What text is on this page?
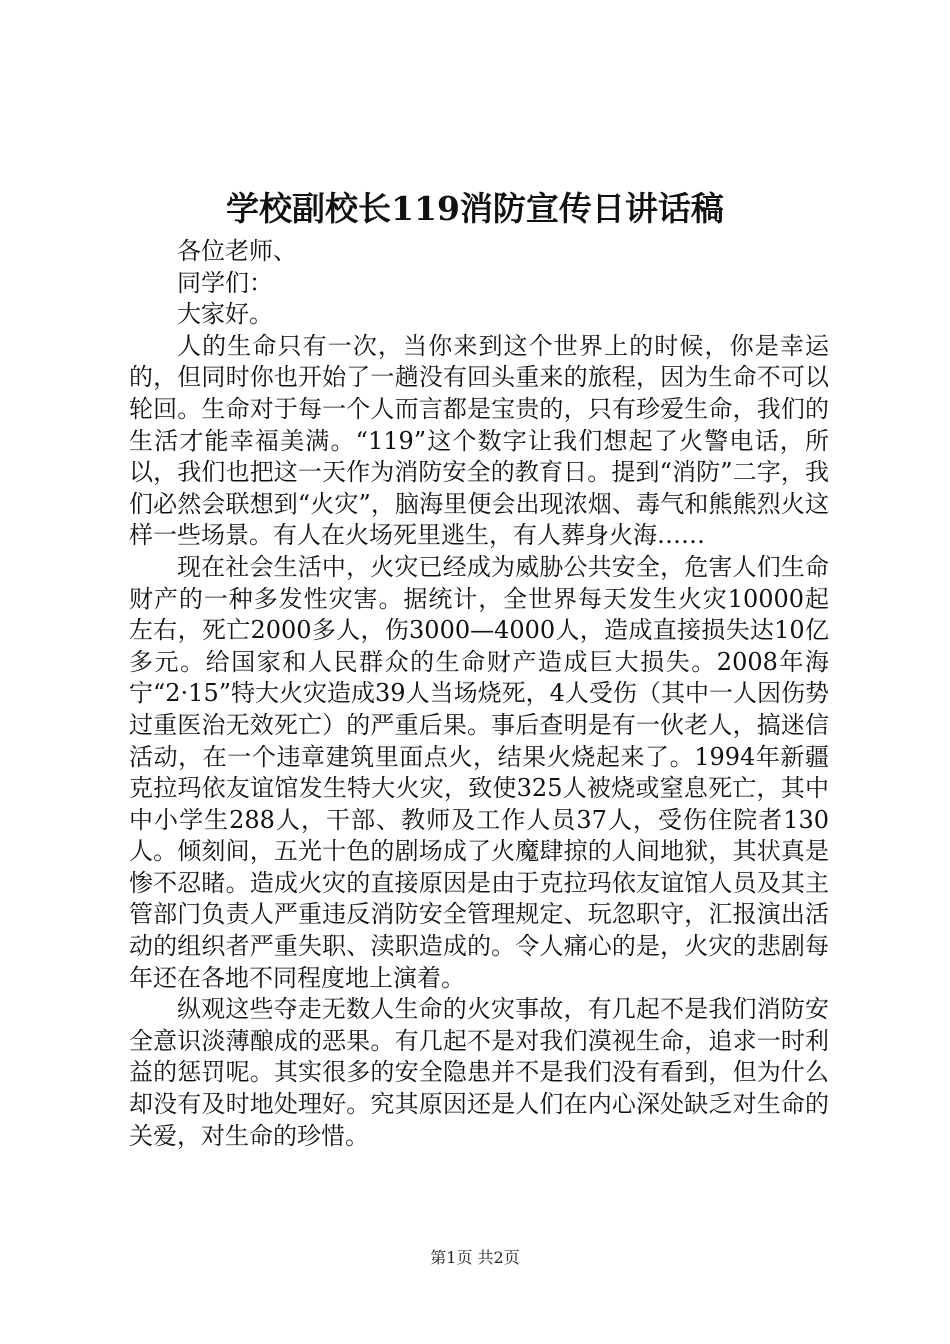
学校副校长119消防宣传日讲话稿

各位老师、

同学们：

大家好。

人的生命只有一次，当你来到这个世界上的时候，你是幸运的，但同时你也开始了一趟没有回头重来的旅程，因为生命不可以轮回。生命对于每一个人而言都是宝贵的，只有珍爱生命，我们的生活才能幸福美满。“119”这个数字让我们想起了火警电话，所以，我们也把这一天作为消防安全的教育日。提到“消防”二字，我们必然会联想到“火灾”，脑海里便会出现浓烟、毒气和熊熊烈火这样一些场景。有人在火场死里逃生，有人葬身火海……

现在社会生活中，火灾已经成为威胁公共安全，危害人们生命财产的一种多发性灾害。据统计，全世界每天发生火灾10000起左右，死亡2000多人，伤3000—4000人，造成直接损失达10亿多元。给国家和人民群众的生命财产造成巨大损失。2008年海宁“2·15”特大火灾造成39人当场烧死，4人受伤（其中一人因伤势过重医治无效死亡）的严重后果。事后查明是有一伙老人，搞迷信活动，在一个违章建筑里面点火，结果火烧起来了。1994年新疆克拉玛依友谊馆发生特大火灾，致使325人被烧或窒息死亡，其中中小学生288人，干部、教师及工作人员37人，受伤住院者130人。倾刻间，五光十色的剧场成了火魔肆掠的人间地狱，其状真是惨不忍睹。造成火灾的直接原因是由于克拉玛依友谊馆人员及其主管部门负责人严重违反消防安全管理规定、玩忽职守，汇报演出活动的组织者严重失职、渎职造成的。令人痛心的是，火灾的悲剧每年还在各地不同程度地上演着。

纵观这些夺走无数人生命的火灾事故，有几起不是我们消防安全意识淡薄酿成的恶果。有几起不是对我们漠视生命，追求一时利益的惩罚呢。其实很多的安全隐患并不是我们没有看到，但为什么却没有及时地处理好。究其原因还是人们在内心深处缺乏对生命的关爱，对生命的珍惜。

第1页 共2页
